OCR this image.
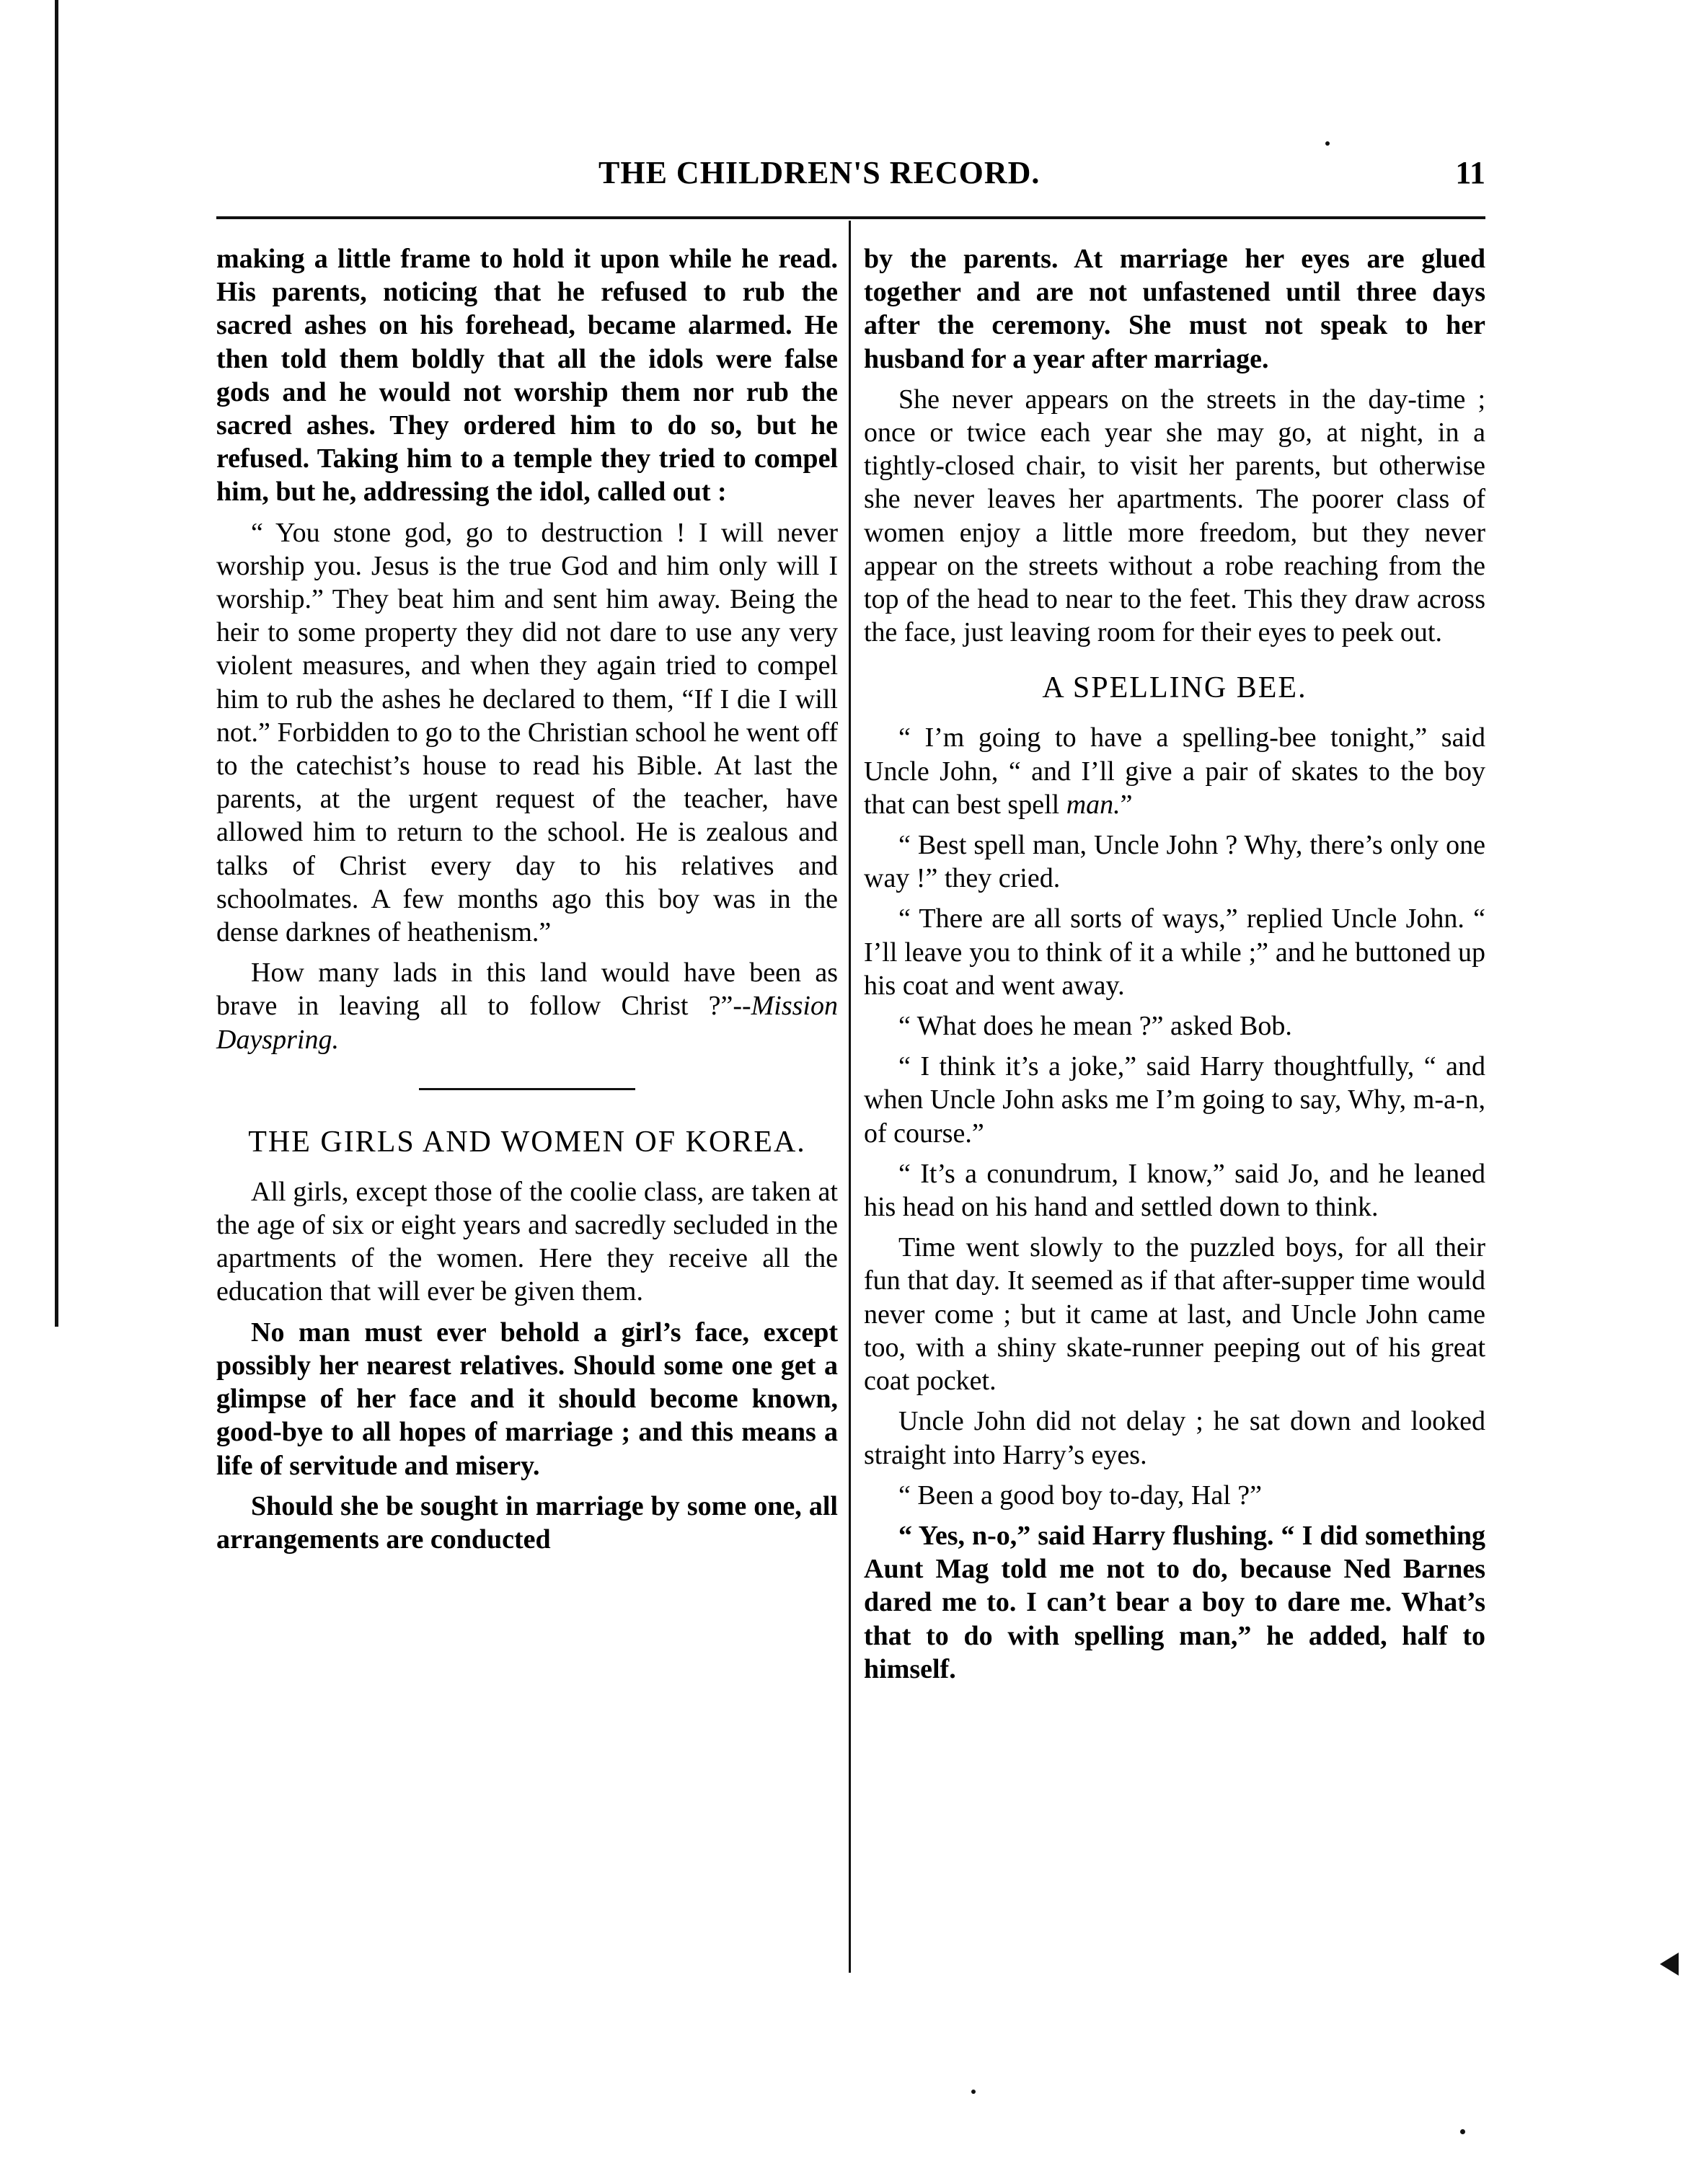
THE CHILDREN'S RECORD.	11

making a little frame to hold it upon while he read. His parents, noticing that he refused to rub the sacred ashes on his forehead, became alarmed. He then told them boldly that all the idols were false gods and he would not worship them nor rub the sacred ashes. They ordered him to do so, but he refused. Taking him to a temple they tried to compel him, but he, addressing the idol, called out :

“ You stone god, go to destruction ! I will never worship you. Jesus is the true God and him only will I worship.” They beat him and sent him away. Being the heir to some property they did not dare to use any very violent measures, and when they again tried to compel him to rub the ashes he declared to them, “If I die I will not.” Forbidden to go to the Christian school he went off to the catechist’s house to read his Bible. At last the parents, at the urgent request of the teacher, have allowed him to return to the school. He is zealous and talks of Christ every day to his relatives and schoolmates. A few months ago this boy was in the dense darknes of heathenism.”

How many lads in this land would have been as brave in leaving all to follow Christ ?”--Mission Dayspring.

THE GIRLS AND WOMEN OF KOREA.

All girls, except those of the coolie class, are taken at the age of six or eight years and sacredly secluded in the apartments of the women. Here they receive all the education that will ever be given them.

No man must ever behold a girl’s face, except possibly her nearest relatives. Should some one get a glimpse of her face and it should become known, good-bye to all hopes of marriage ; and this means a life of servitude and misery.

Should she be sought in marriage by some one, all arrangements are conducted

by the parents. At marriage her eyes are glued together and are not unfastened until three days after the ceremony. She must not speak to her husband for a year after marriage.

She never appears on the streets in the day-time ; once or twice each year she may go, at night, in a tightly-closed chair, to visit her parents, but otherwise she never leaves her apartments. The poorer class of women enjoy a little more freedom, but they never appear on the streets without a robe reaching from the top of the head to near to the feet. This they draw across the face, just leaving room for their eyes to peek out.

A SPELLING BEE.

“ I’m going to have a spelling-bee tonight,” said Uncle John, “ and I’ll give a pair of skates to the boy that can best spell man.”

“ Best spell man, Uncle John ? Why, there’s only one way !” they cried.

“ There are all sorts of ways,” replied Uncle John. “ I’ll leave you to think of it a while ;” and he buttoned up his coat and went away.

“ What does he mean ?” asked Bob.

“ I think it’s a joke,” said Harry thoughtfully, “ and when Uncle John asks me I’m going to say, Why, m-a-n, of course.”

“ It’s a conundrum, I know,” said Jo, and he leaned his head on his hand and settled down to think.

Time went slowly to the puzzled boys, for all their fun that day. It seemed as if that after-supper time would never come ; but it came at last, and Uncle John came too, with a shiny skate-runner peeping out of his great coat pocket.

Uncle John did not delay ; he sat down and looked straight into Harry’s eyes.

“ Been a good boy to-day, Hal ?”

“ Yes, n-o,” said Harry flushing. “ I did something Aunt Mag told me not to do, because Ned Barnes dared me to. I can’t bear a boy to dare me. What’s that to do with spelling man,” he added, half to himself.
